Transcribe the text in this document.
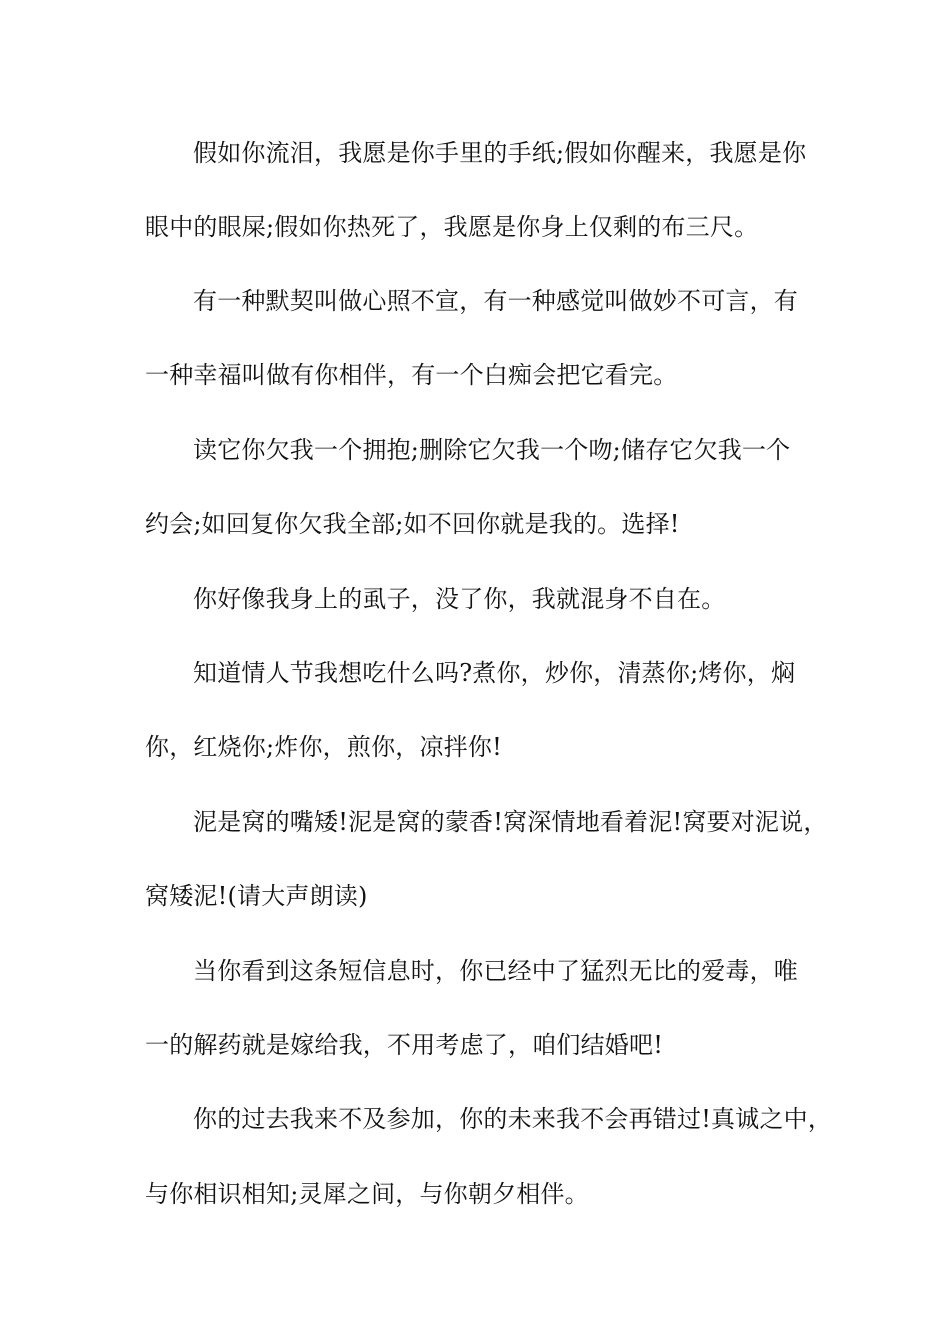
假如你流泪，我愿是你手里的手纸;假如你醒来，我愿是你
眼中的眼屎;假如你热死了，我愿是你身上仅剩的布三尺。
有一种默契叫做心照不宣，有一种感觉叫做妙不可言，有
一种幸福叫做有你相伴，有一个白痴会把它看完。
读它你欠我一个拥抱;删除它欠我一个吻;储存它欠我一个
约会;如回复你欠我全部;如不回你就是我的。选择!
你好像我身上的虱子，没了你，我就混身不自在。
知道情人节我想吃什么吗?煮你，炒你，清蒸你;烤你，焖
你，红烧你;炸你，煎你，凉拌你!
泥是窝的嘴矮!泥是窝的蒙香!窝深情地看着泥!窝要对泥说，
窝矮泥!(请大声朗读)
当你看到这条短信息时，你已经中了猛烈无比的爱毒，唯
一的解药就是嫁给我，不用考虑了，咱们结婚吧!
你的过去我来不及参加，你的未来我不会再错过!真诚之中，
与你相识相知;灵犀之间，与你朝夕相伴。
